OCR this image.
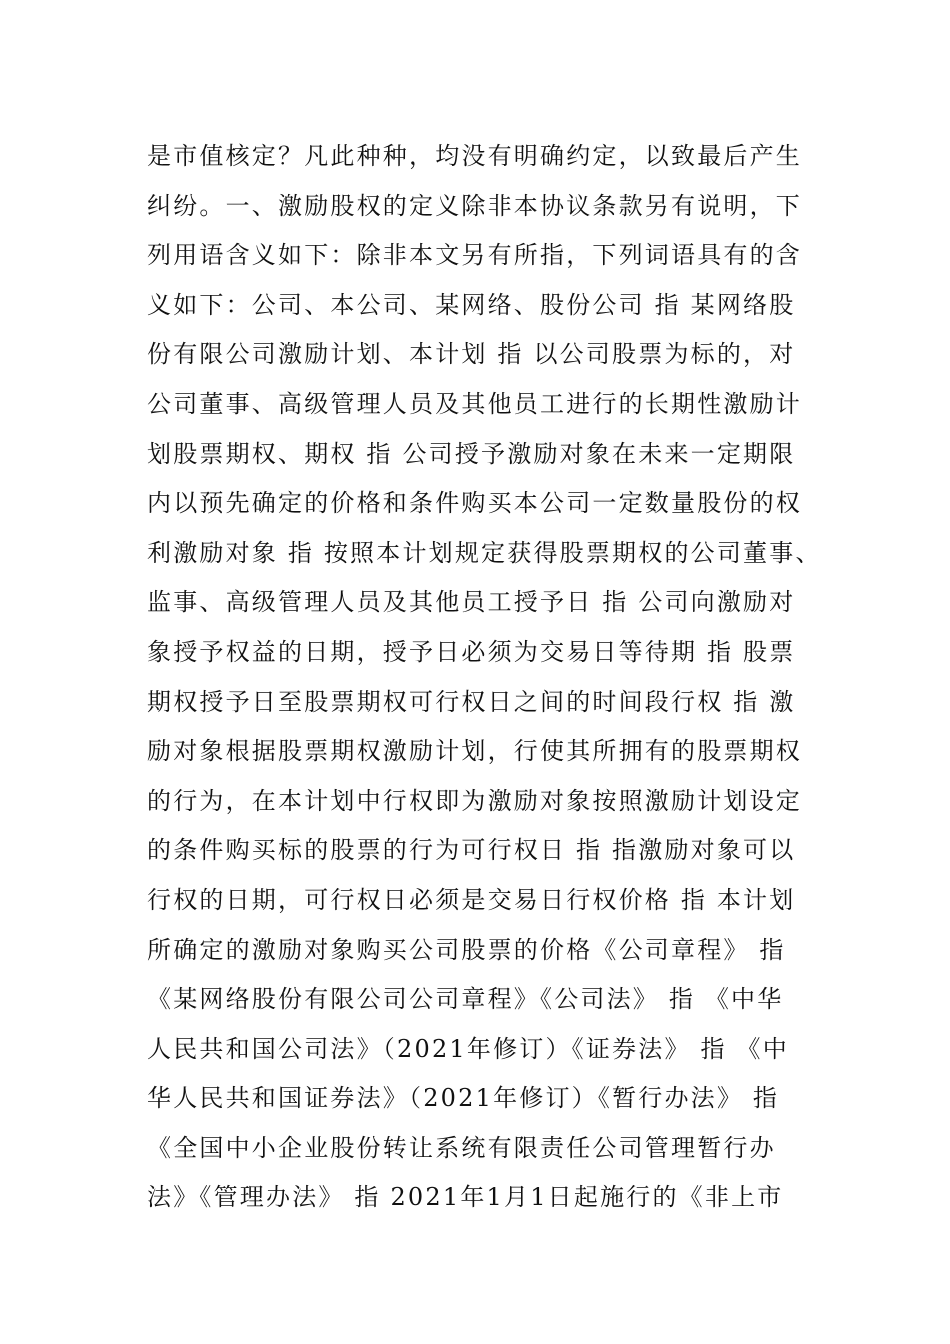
是市值核定？凡此种种，均没有明确约定，以致最后产生
纠纷。一、激励股权的定义除非本协议条款另有说明，下
列用语含义如下：除非本文另有所指，下列词语具有的含
义如下：公司、本公司、某网络、股份公司 指 某网络股
份有限公司激励计划、本计划 指 以公司股票为标的，对
公司董事、高级管理人员及其他员工进行的长期性激励计
划股票期权、期权 指 公司授予激励对象在未来一定期限
内以预先确定的价格和条件购买本公司一定数量股份的权
利激励对象 指 按照本计划规定获得股票期权的公司董事、
监事、高级管理人员及其他员工授予日 指 公司向激励对
象授予权益的日期，授予日必须为交易日等待期 指 股票
期权授予日至股票期权可行权日之间的时间段行权 指 激
励对象根据股票期权激励计划，行使其所拥有的股票期权
的行为，在本计划中行权即为激励对象按照激励计划设定
的条件购买标的股票的行为可行权日 指 指激励对象可以
行权的日期，可行权日必须是交易日行权价格 指 本计划
所确定的激励对象购买公司股票的价格《公司章程》 指
《某网络股份有限公司公司章程》《公司法》 指 《中华
人民共和国公司法》（2021年修订）《证券法》 指 《中
华人民共和国证券法》（2021年修订）《暂行办法》 指
《全国中小企业股份转让系统有限责任公司管理暂行办
法》《管理办法》 指 2021年1月1日起施行的《非上市
